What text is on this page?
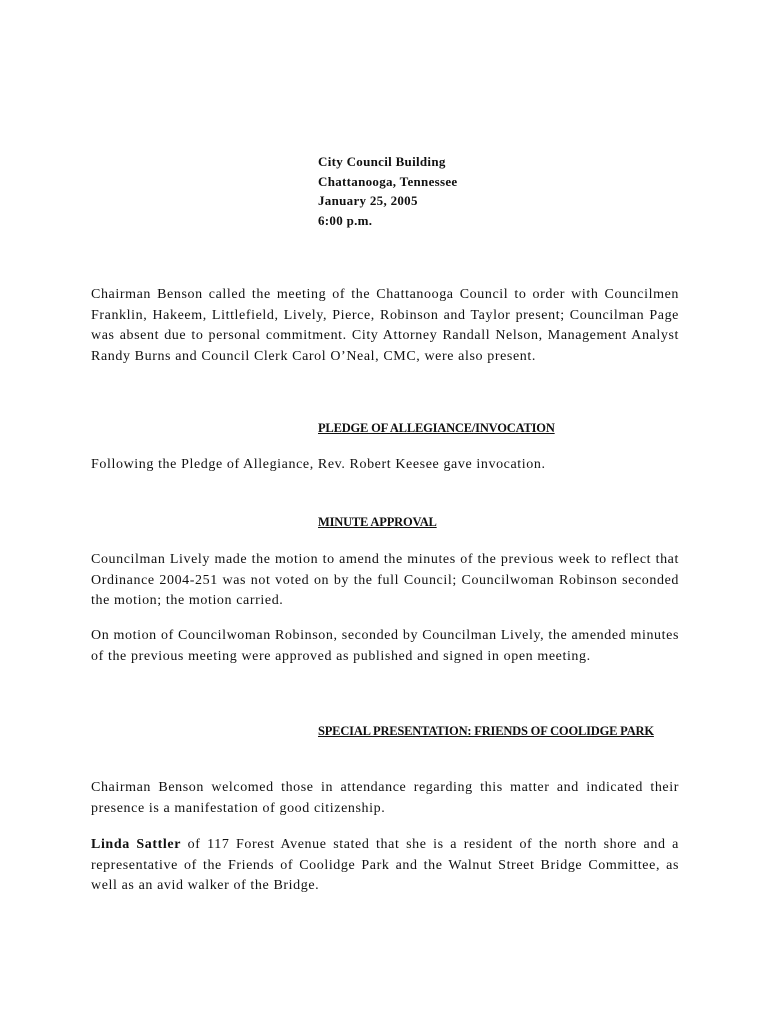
City Council Building
Chattanooga, Tennessee
January 25, 2005
6:00 p.m.

Chairman Benson called the meeting of the Chattanooga Council to order with Councilmen Franklin, Hakeem, Littlefield, Lively, Pierce, Robinson and Taylor present; Councilman Page was absent due to personal commitment. City Attorney Randall Nelson, Management Analyst Randy Burns and Council Clerk Carol O’Neal, CMC, were also present.

PLEDGE OF ALLEGIANCE/INVOCATION

Following the Pledge of Allegiance, Rev. Robert Keesee gave invocation.

MINUTE APPROVAL

Councilman Lively made the motion to amend the minutes of the previous week to reflect that Ordinance 2004-251 was not voted on by the full Council; Councilwoman Robinson seconded the motion; the motion carried.

On motion of Councilwoman Robinson, seconded by Councilman Lively, the amended minutes of the previous meeting were approved as published and signed in open meeting.

SPECIAL PRESENTATION: FRIENDS OF COOLIDGE PARK

Chairman Benson welcomed those in attendance regarding this matter and indicated their presence is a manifestation of good citizenship.

Linda Sattler of 117 Forest Avenue stated that she is a resident of the north shore and a representative of the Friends of Coolidge Park and the Walnut Street Bridge Committee, as well as an avid walker of the Bridge.
